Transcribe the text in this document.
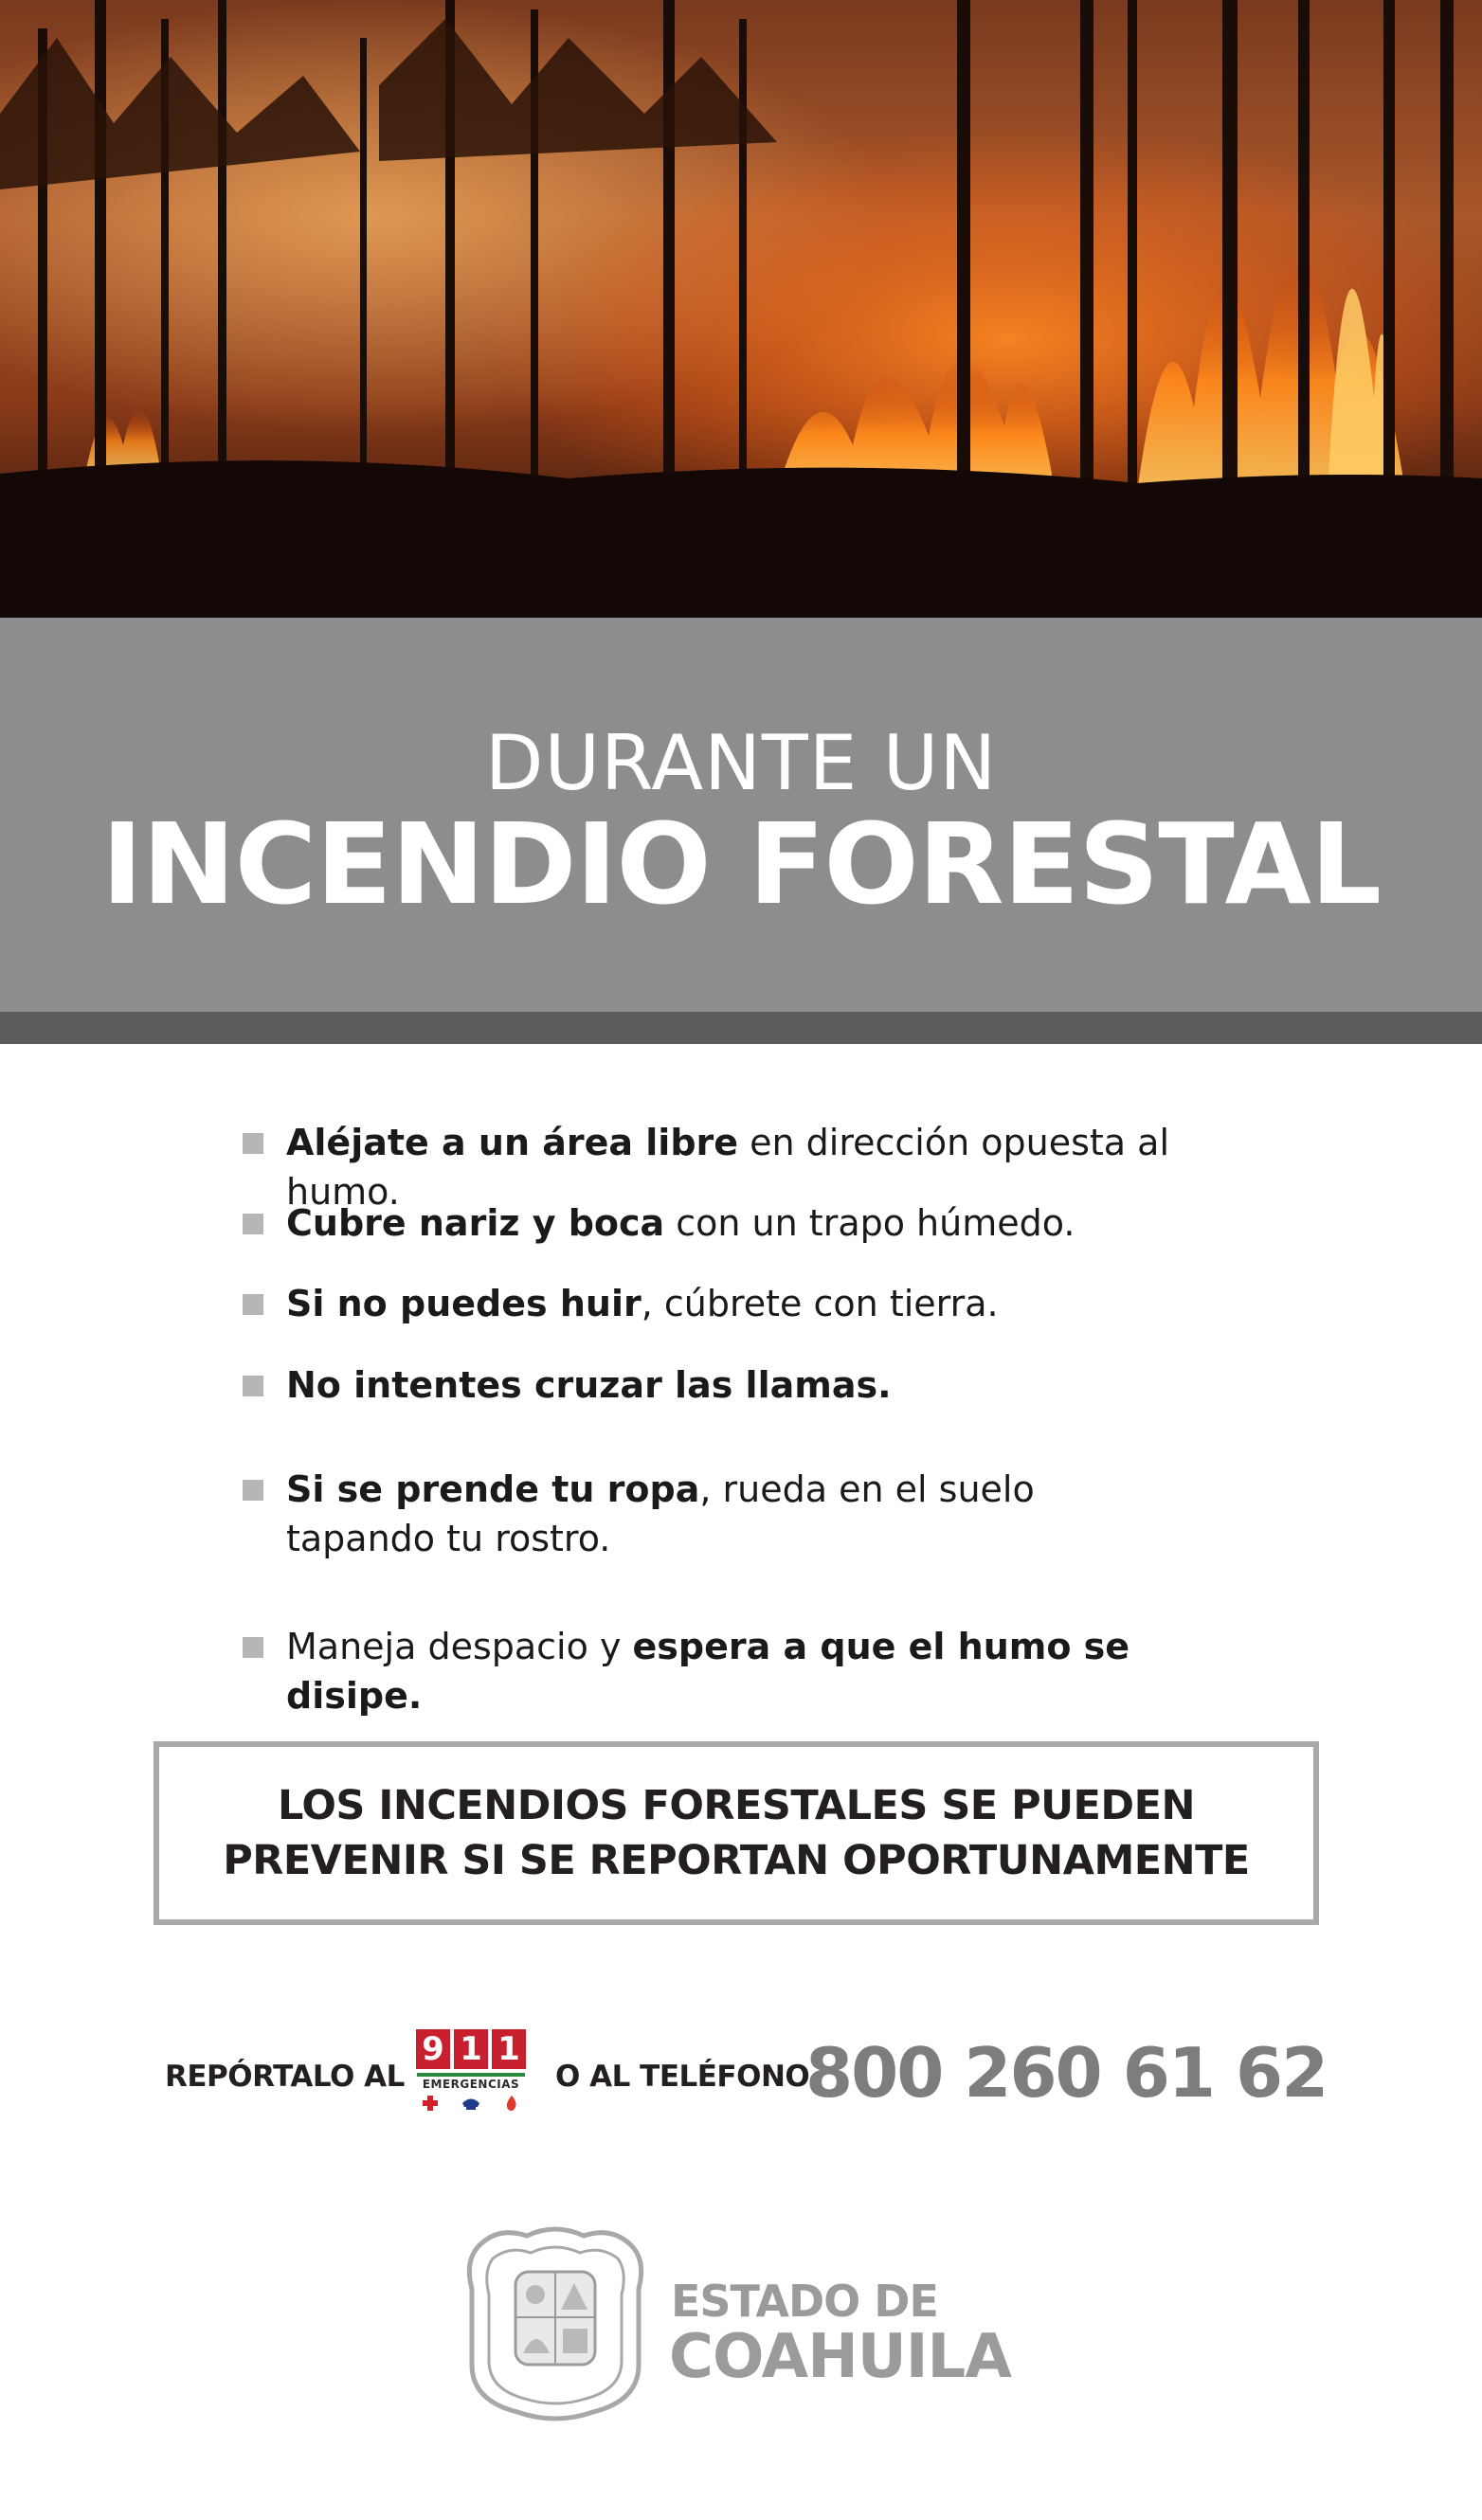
DURANTE UN
INCENDIO FORESTAL
Aléjate a un área libre en dirección opuesta al humo.
Cubre nariz y boca con un trapo húmedo.
Si no puedes huir, cúbrete con tierra.
No intentes cruzar las llamas.
Si se prende tu ropa, rueda en el suelo tapando tu rostro.
Maneja despacio y espera a que el humo se disipe.
LOS INCENDIOS FORESTALES SE PUEDEN
PREVENIR SI SE REPORTAN OPORTUNAMENTE
REPÓRTALO AL
9 1 1
EMERGENCIAS	O AL TELÉFONO
800 260 61 62
ESTADO DE
COAHUILA
